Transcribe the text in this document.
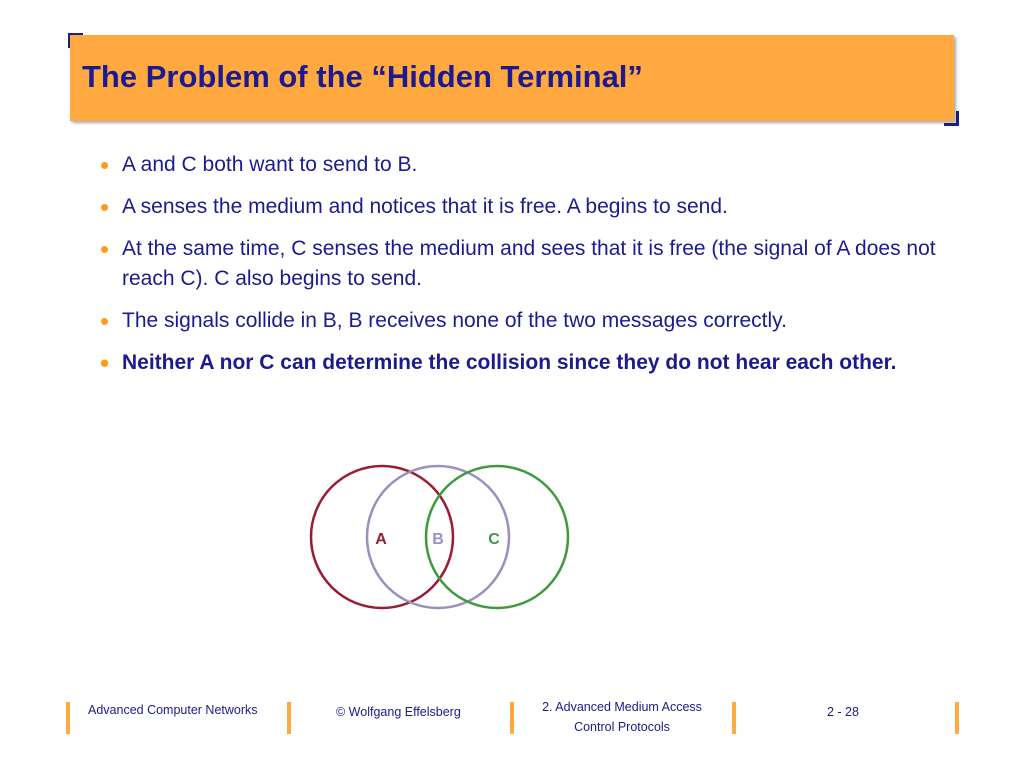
The Problem of the “Hidden Terminal”
• A and C both want to send to B.
• A senses the medium and notices that it is free. A begins to send.
• At the same time, C senses the medium and sees that it is free (the signal of A does not reach C). C also begins to send.
• The signals collide in B, B receives none of the two messages correctly.
• Neither A nor C can determine the collision since they do not hear each other.
A	B	C
Advanced Computer Networks	© Wolfgang Effelsberg	2. Advanced Medium Access
Control Protocols
2 - 28
